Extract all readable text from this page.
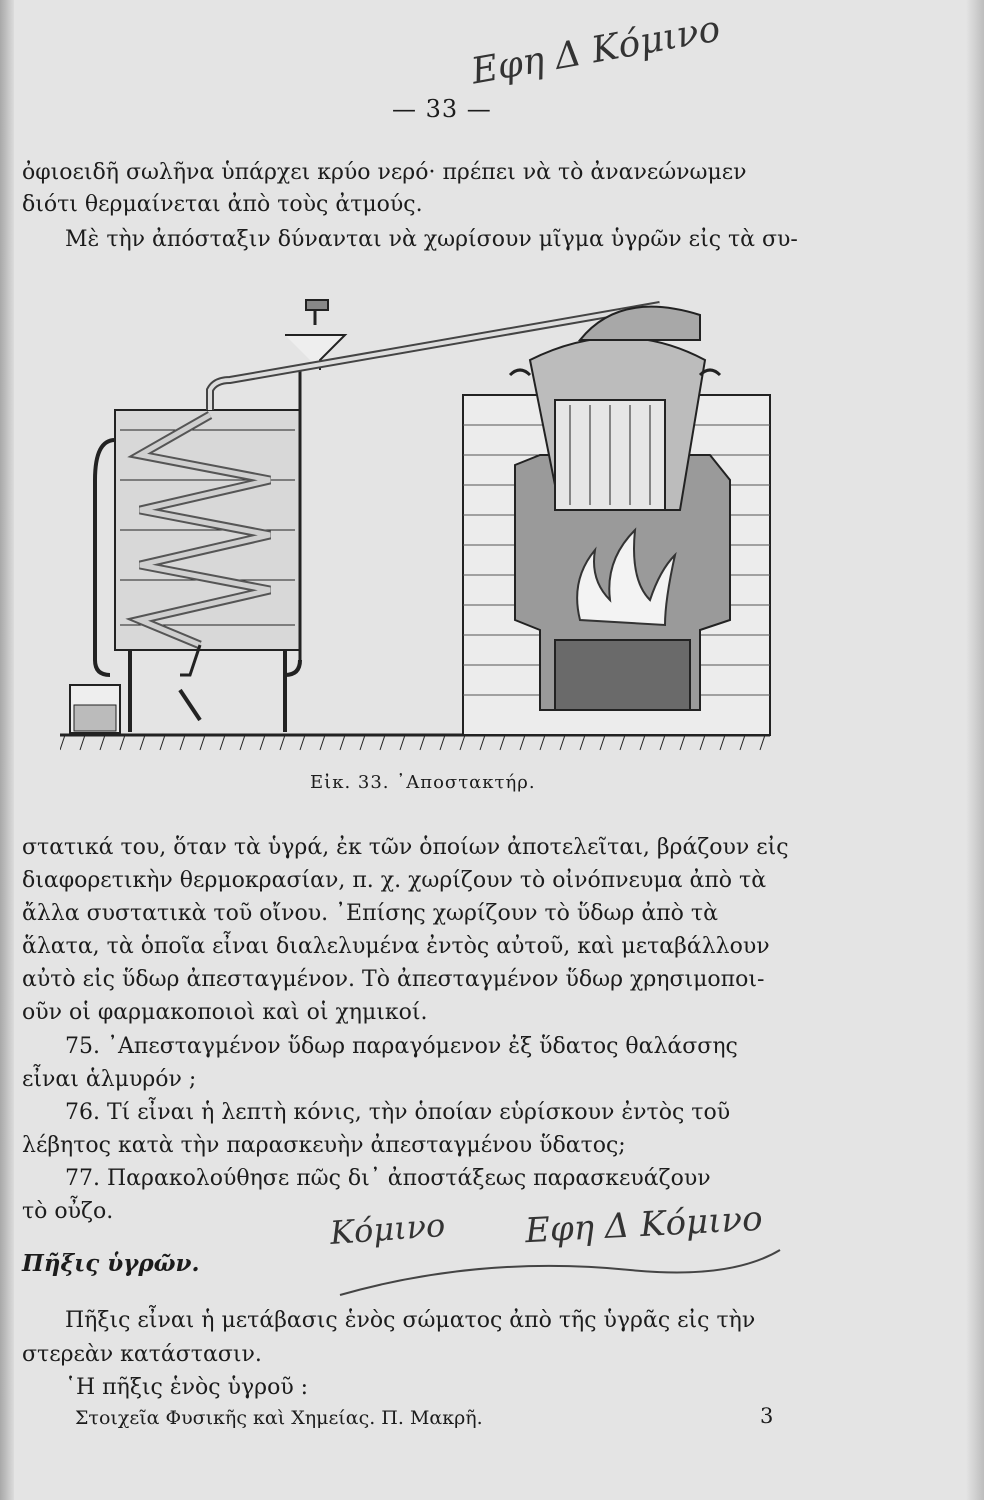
Εφη Δ Κόμινο
— 33 —
ὀφιοειδῆ σωλῆνα ὑπάρχει κρύο νερό· πρέπει νὰ τὸ ἀνανεώνωμεν
διότι θερμαίνεται ἀπὸ τοὺς ἀτμούς.
Μὲ τὴν ἀπόσταξιν δύνανται νὰ χωρίσουν μῖγμα ὑγρῶν εἰς τὰ συ-
Εἰκ. 33. ᾿Αποστακτήρ.
στατικά του, ὅταν τὰ ὑγρά, ἐκ τῶν ὁποίων ἀποτελεῖται, βράζουν εἰς
διαφορετικὴν θερμοκρασίαν, π. χ. χωρίζουν τὸ οἰνόπνευμα ἀπὸ τὰ
ἄλλα συστατικὰ τοῦ οἴνου. ᾿Επίσης χωρίζουν τὸ ὕδωρ ἀπὸ τὰ
ἅλατα, τὰ ὁποῖα εἶναι διαλελυμένα ἐντὸς αὐτοῦ, καὶ μεταβάλλουν
αὐτὸ εἰς ὕδωρ ἀπεσταγμένον. Τὸ ἀπεσταγμένον ὕδωρ χρησιμοποι-
οῦν οἱ φαρμακοποιοὶ καὶ οἱ χημικοί.
75. ᾿Απεσταγμένον ὕδωρ παραγόμενον ἐξ ὕδατος θαλάσσης
εἶναι ἁλμυρόν ;
76. Τί εἶναι ἡ λεπτὴ κόνις, τὴν ὁποίαν εὑρίσκουν ἐντὸς τοῦ
λέβητος κατὰ τὴν παρασκευὴν ἀπεσταγμένου ὕδατος;
77. Παρακολούθησε πῶς δι᾿ ἀποστάξεως παρασκευάζουν
τὸ οὖζο.	Κόμινο Εφη Δ Κόμινο
Πῆξις ὑγρῶν.
Πῆξις εἶναι ἡ μετάβασις ἑνὸς σώματος ἀπὸ τῆς ὑγρᾶς εἰς τὴν
στερεὰν κατάστασιν.
῾Η πῆξις ἑνὸς ὑγροῦ :
Στοιχεῖα Φυσικῆς καὶ Χημείας. Π. Μακρῆ.	3
